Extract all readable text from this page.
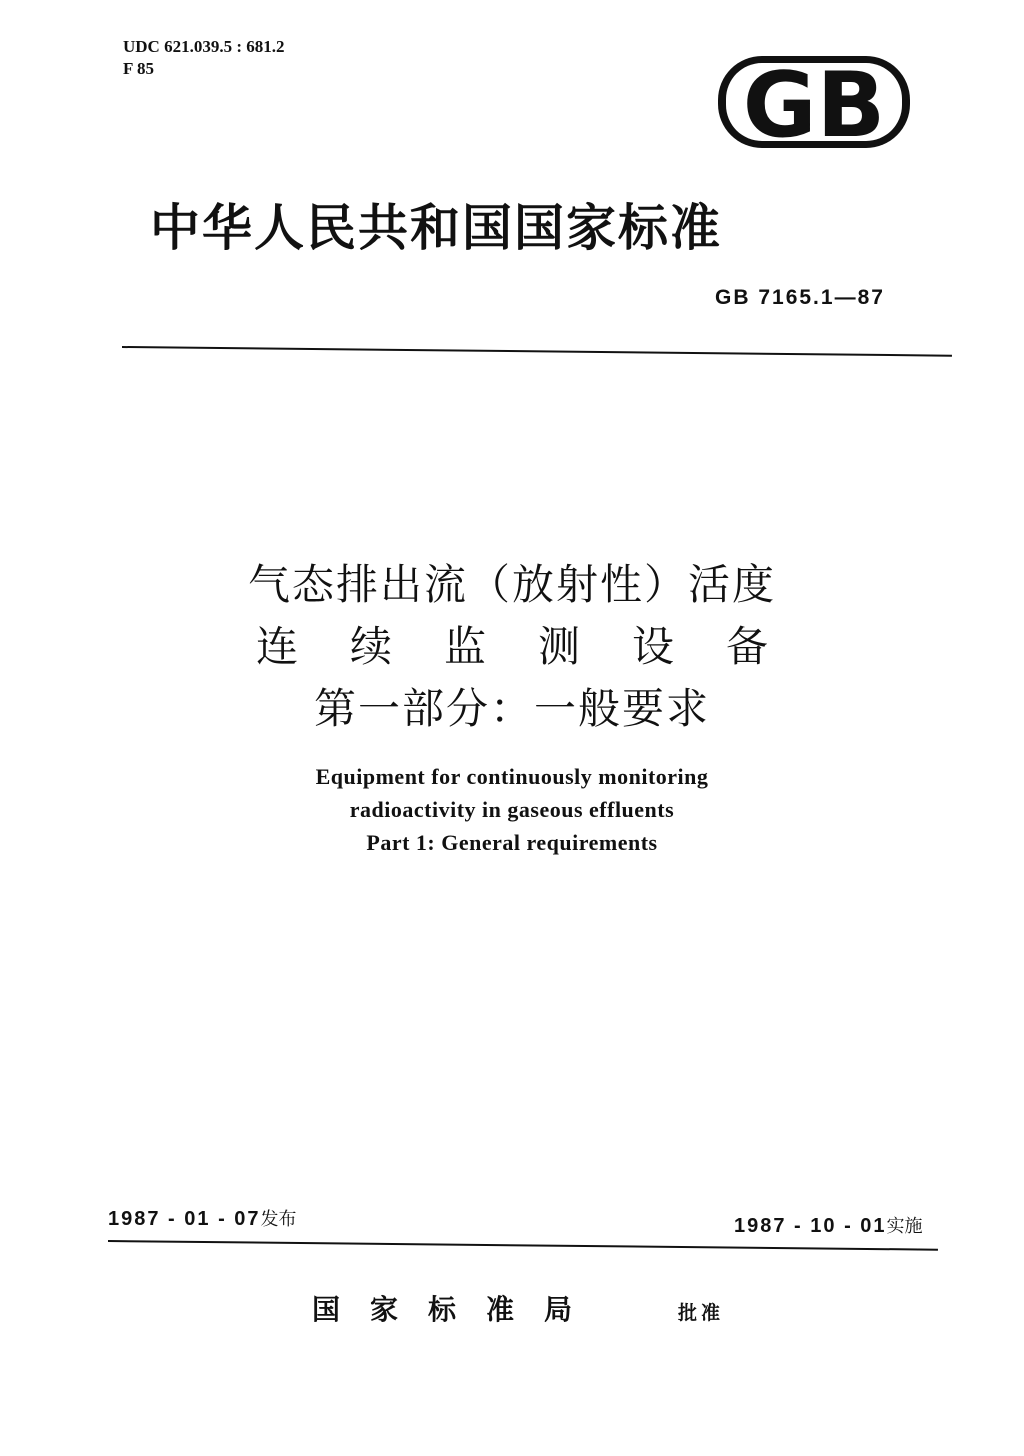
UDC 621.039.5 : 681.2
F 85	GB
中华人民共和国国家标准
GB 7165.1—87
气态排出流（放射性）活度
连续监测设备
第一部分：一般要求
Equipment for continuously monitoring
radioactivity in gaseous effluents
Part 1: General requirements
1987 - 01 - 07发布	1987 - 10 - 01实施
国家标准局	批准
